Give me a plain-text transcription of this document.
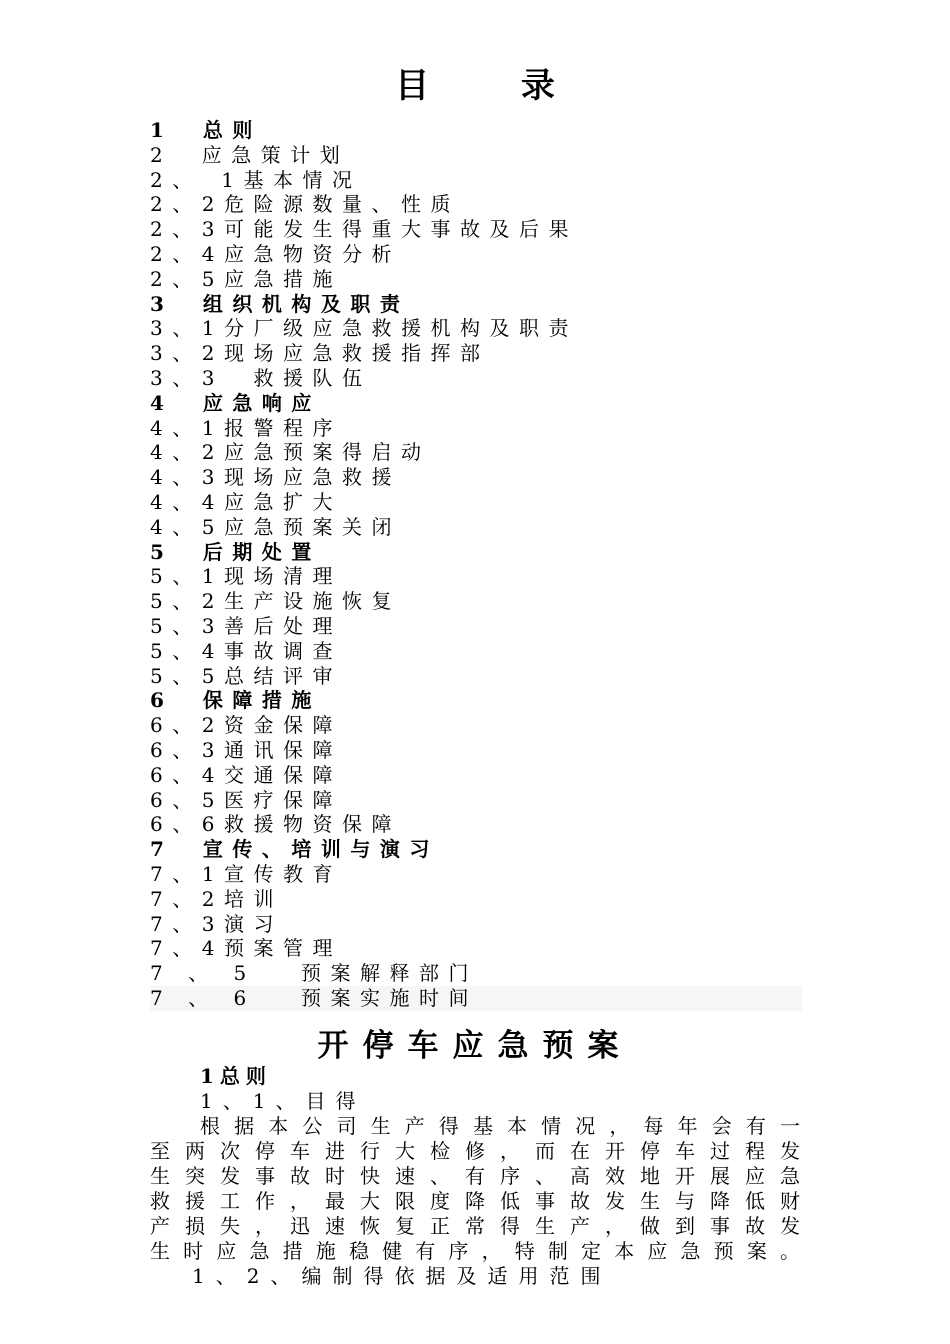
目 录
1　总则
2　应急策计划
2、　1基本情况
2、2危险源数量、性质
2、3可能发生得重大事故及后果
2、4应急物资分析
2、5应急措施
3　组织机构及职责
3、1分厂级应急救援机构及职责
3、2现场应急救援指挥部
3、3　救援队伍
4　应急响应
4、1报警程序
4、2应急预案得启动
4、3现场应急救援
4、4应急扩大
4、5应急预案关闭
5　后期处置
5、1现场清理
5、2生产设施恢复
5、3善后处理
5、4事故调查
5、5总结评审
6　保障措施
6、2资金保障
6、3通讯保障
6、4交通保障
6、5医疗保障
6、6救援物资保障
7　宣传、培训与演习
7、1宣传教育
7、2培训
7、3演习
7、4预案管理
7 、 5 　预案解释部门
7 、 6 　预案实施时间
开停车应急预案
1总则
1、1、目得
根据本公司生产得基本情况，每年会有一
至两次停车进行大检修，而在开停车过程发
生突发事故时快速、有序、高效地开展应急
救援工作，最大限度降低事故发生与降低财
产损失，迅速恢复正常得生产，做到事故发
生时应急措施稳健有序，特制定本应急预案。
1、2、编制得依据及适用范围
